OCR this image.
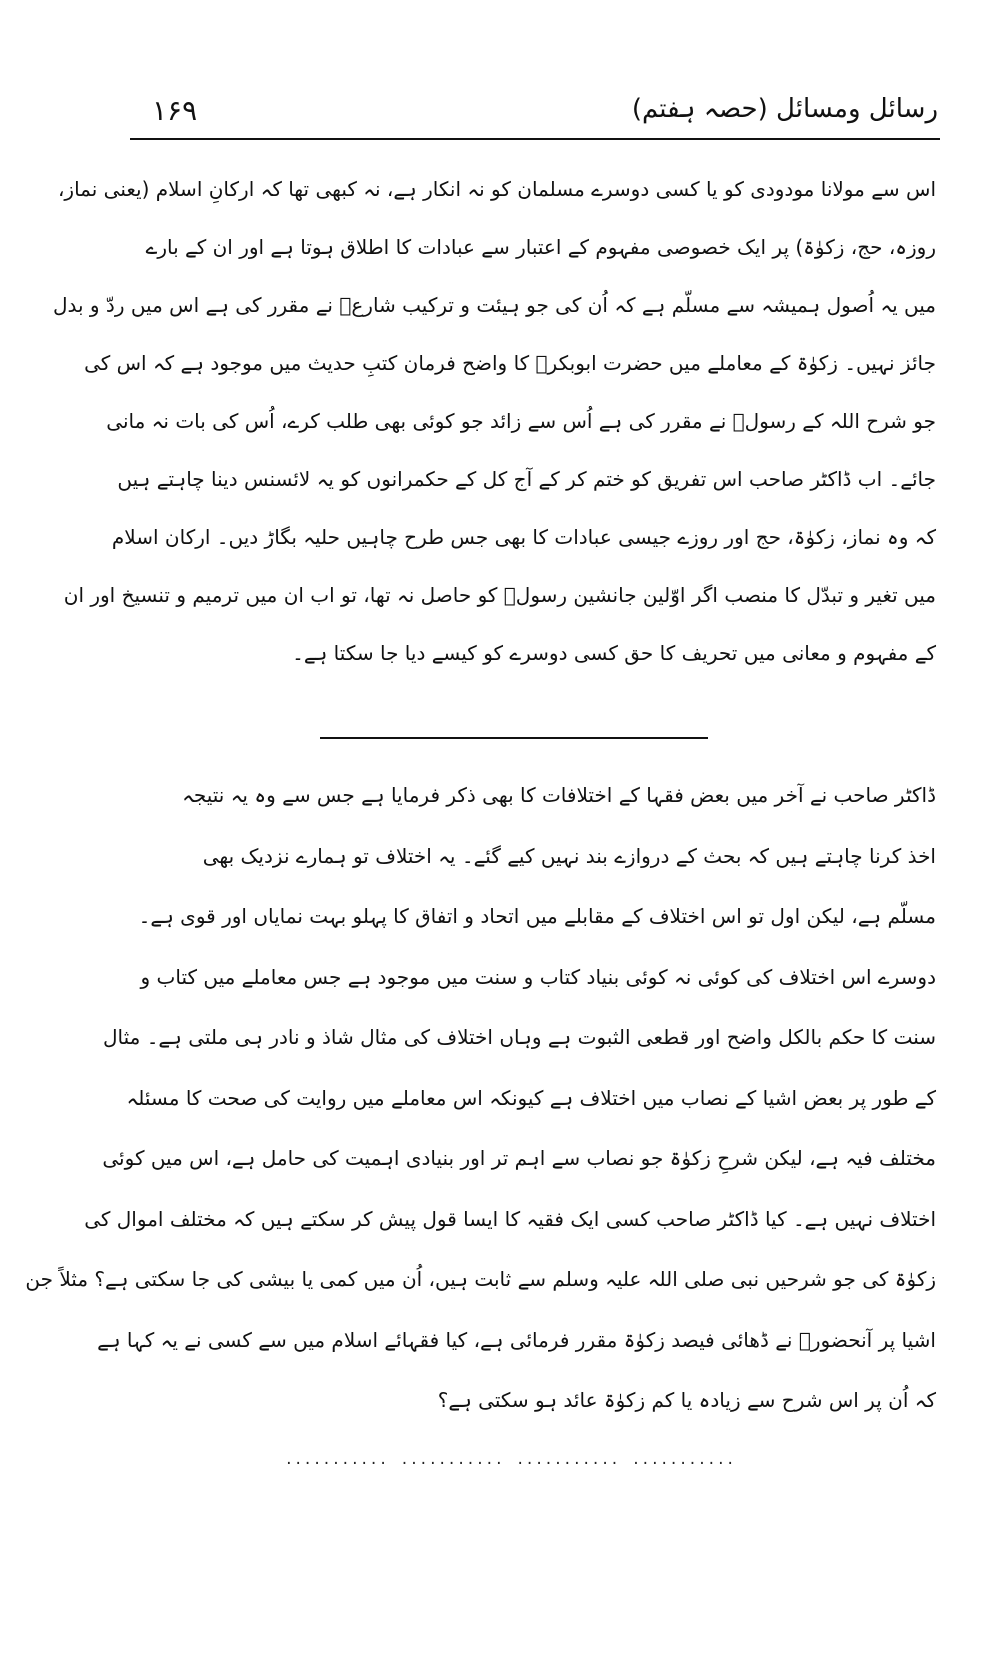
رسائل ومسائل (حصہ ہفتم)
۱۶۹
اس سے مولانا مودودی کو یا کسی دوسرے مسلمان کو نہ انکار ہے، نہ کبھی تھا کہ ارکانِ اسلام (یعنی نماز،
روزہ، حج، زکوٰۃ) پر ایک خصوصی مفہوم کے اعتبار سے عبادات کا اطلاق ہوتا ہے اور ان کے بارے
میں یہ اُصول ہمیشہ سے مسلّم ہے کہ اُن کی جو ہیئت و ترکیب شارعؑ نے مقرر کی ہے اس میں ردّ و بدل
جائز نہیں۔ زکوٰۃ کے معاملے میں حضرت ابوبکرؓ کا واضح فرمان کتبِ حدیث میں موجود ہے کہ اس کی
جو شرح اللہ کے رسولؐ نے مقرر کی ہے اُس سے زائد جو کوئی بھی طلب کرے، اُس کی بات نہ مانی
جائے۔ اب ڈاکٹر صاحب اس تفریق کو ختم کر کے آج کل کے حکمرانوں کو یہ لائسنس دینا چاہتے ہیں
کہ وہ نماز، زکوٰۃ، حج اور روزے جیسی عبادات کا بھی جس طرح چاہیں حلیہ بگاڑ دیں۔ ارکان اسلام
میں تغیر و تبدّل کا منصب اگر اوّلین جانشین رسولؐ کو حاصل نہ تھا، تو اب ان میں ترمیم و تنسیخ اور ان
کے مفہوم و معانی میں تحریف کا حق کسی دوسرے کو کیسے دیا جا سکتا ہے۔
ڈاکٹر صاحب نے آخر میں بعض فقہا کے اختلافات کا بھی ذکر فرمایا ہے جس سے وہ یہ نتیجہ
اخذ کرنا چاہتے ہیں کہ بحث کے دروازے بند نہیں کیے گئے۔ یہ اختلاف تو ہمارے نزدیک بھی
مسلّم ہے، لیکن اول تو اس اختلاف کے مقابلے میں اتحاد و اتفاق کا پہلو بہت نمایاں اور قوی ہے۔
دوسرے اس اختلاف کی کوئی نہ کوئی بنیاد کتاب و سنت میں موجود ہے جس معاملے میں کتاب و
سنت کا حکم بالکل واضح اور قطعی الثبوت ہے وہاں اختلاف کی مثال شاذ و نادر ہی ملتی ہے۔ مثال
کے طور پر بعض اشیا کے نصاب میں اختلاف ہے کیونکہ اس معاملے میں روایت کی صحت کا مسئلہ
مختلف فیہ ہے، لیکن شرحِ زکوٰۃ جو نصاب سے اہم تر اور بنیادی اہمیت کی حامل ہے، اس میں کوئی
اختلاف نہیں ہے۔ کیا ڈاکٹر صاحب کسی ایک فقیہ کا ایسا قول پیش کر سکتے ہیں کہ مختلف اموال کی
زکوٰۃ کی جو شرحیں نبی صلی اللہ علیہ وسلم سے ثابت ہیں، اُن میں کمی یا بیشی کی جا سکتی ہے؟ مثلاً جن
اشیا پر آنحضورؐ نے ڈھائی فیصد زکوٰۃ مقرر فرمائی ہے، کیا فقہائے اسلام میں سے کسی نے یہ کہا ہے
کہ اُن پر اس شرح سے زیادہ یا کم زکوٰۃ عائد ہو سکتی ہے؟
........... ........... ........... ...........
